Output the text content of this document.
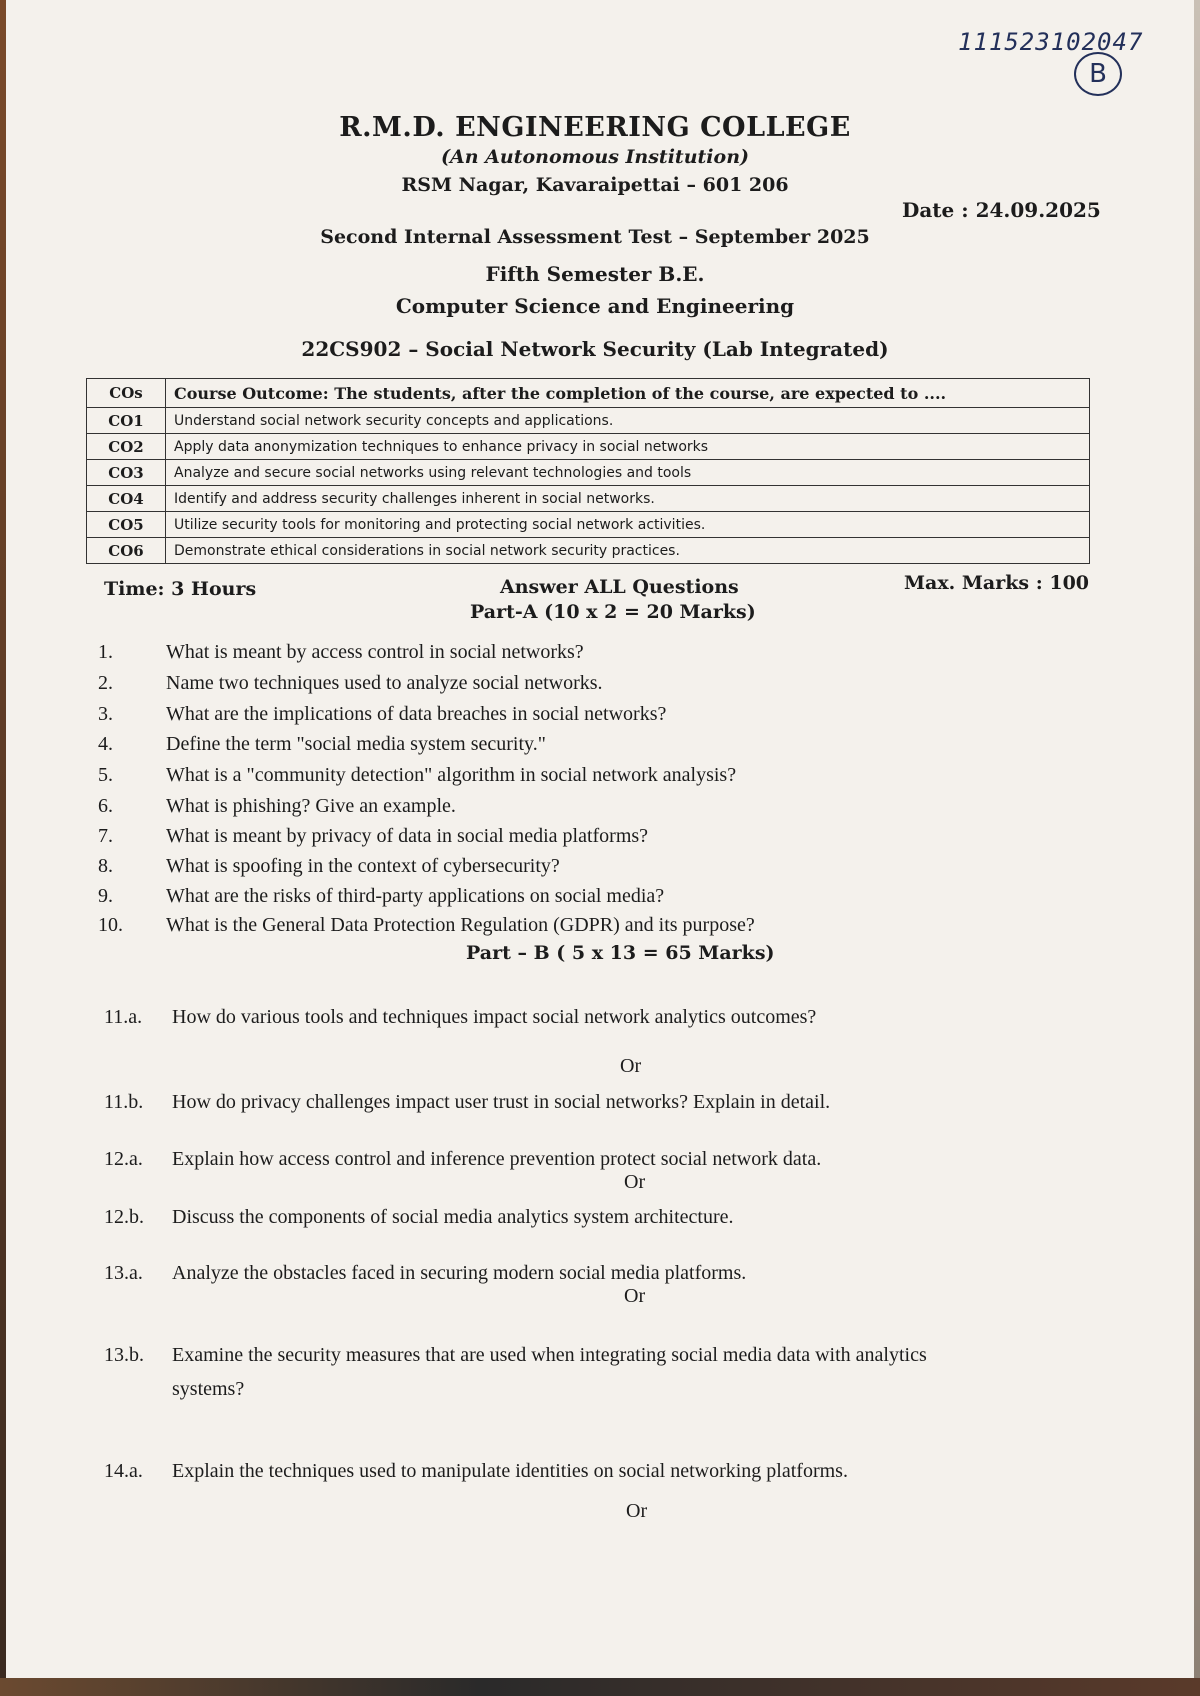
111523102047
B
R.M.D. ENGINEERING COLLEGE
(An Autonomous Institution)
RSM Nagar, Kavaraipettai – 601 206
Date : 24.09.2025
Second Internal Assessment Test – September 2025
Fifth Semester B.E.
Computer Science and Engineering
22CS902 – Social Network Security (Lab Integrated)
COs	Course Outcome: The students, after the completion of the course, are expected to ....
CO1	Understand social network security concepts and applications.
CO2	Apply data anonymization techniques to enhance privacy in social networks
CO3	Analyze and secure social networks using relevant technologies and tools
CO4	Identify and address security challenges inherent in social networks.
CO5	Utilize security tools for monitoring and protecting social network activities.
CO6	Demonstrate ethical considerations in social network security practices.
Time: 3 Hours	Answer ALL Questions	Max. Marks : 100
Part-A (10 x 2 = 20 Marks)
1.	What is meant by access control in social networks?
2.	Name two techniques used to analyze social networks.
3.	What are the implications of data breaches in social networks?
4.	Define the term "social media system security."
5.	What is a "community detection" algorithm in social network analysis?
6.	What is phishing? Give an example.
7.	What is meant by privacy of data in social media platforms?
8.	What is spoofing in the context of cybersecurity?
9.	What are the risks of third-party applications on social media?
10. What is the General Data Protection Regulation (GDPR) and its purpose?
Part – B ( 5 x 13 = 65 Marks)
11.a. How do various tools and techniques impact social network analytics outcomes?
Or
11.b. How do privacy challenges impact user trust in social networks? Explain in detail.
12.a. Explain how access control and inference prevention protect social network data.
Or
12.b. Discuss the components of social media analytics system architecture.
13.a. Analyze the obstacles faced in securing modern social media platforms.
Or
13.b. Examine the security measures that are used when integrating social media data with analytics
systems?
14.a. Explain the techniques used to manipulate identities on social networking platforms.
Or
